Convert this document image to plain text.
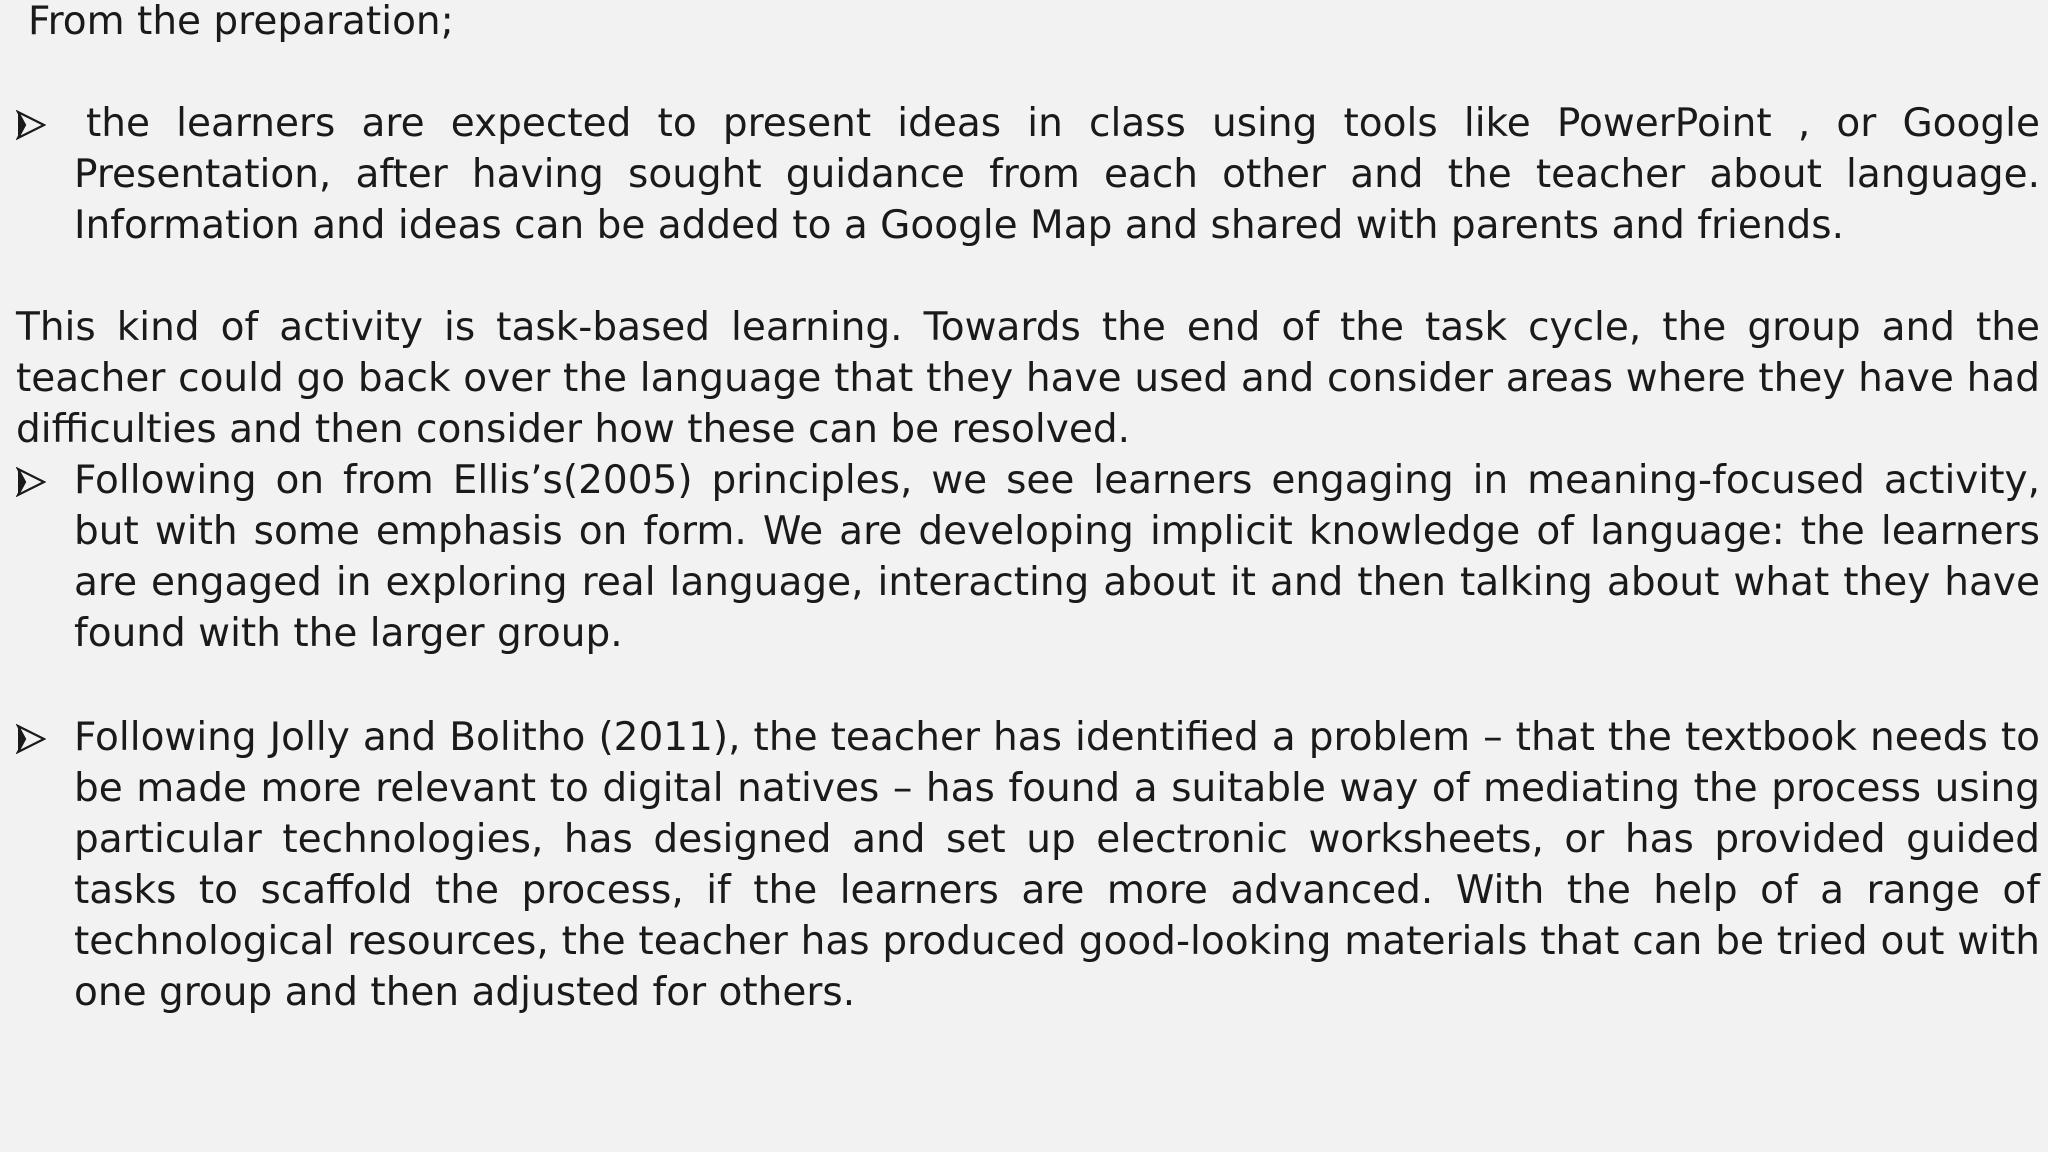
From the preparation;

the learners are expected to present ideas in class using tools like PowerPoint , or Google Presentation, after having sought guidance from each other and the teacher about language. Information and ideas can be added to a Google Map and shared with parents and friends.

This kind of activity is task-based learning. Towards the end of the task cycle, the group and the teacher could go back over the language that they have used and consider areas where they have had difficulties and then consider how these can be resolved.

Following on from Ellis’s(2005) principles, we see learners engaging in meaning-focused activity, but with some emphasis on form. We are developing implicit knowledge of language: the learners are engaged in exploring real language, interacting about it and then talking about what they have found with the larger group.
Following Jolly and Bolitho (2011), the teacher has identified a problem – that the textbook needs to be made more relevant to digital natives – has found a suitable way of mediating the process using particular technologies, has designed and set up electronic worksheets, or has provided guided tasks to scaffold the process, if the learners are more advanced. With the help of a range of technological resources, the teacher has produced good-looking materials that can be tried out with one group and then adjusted for others.
